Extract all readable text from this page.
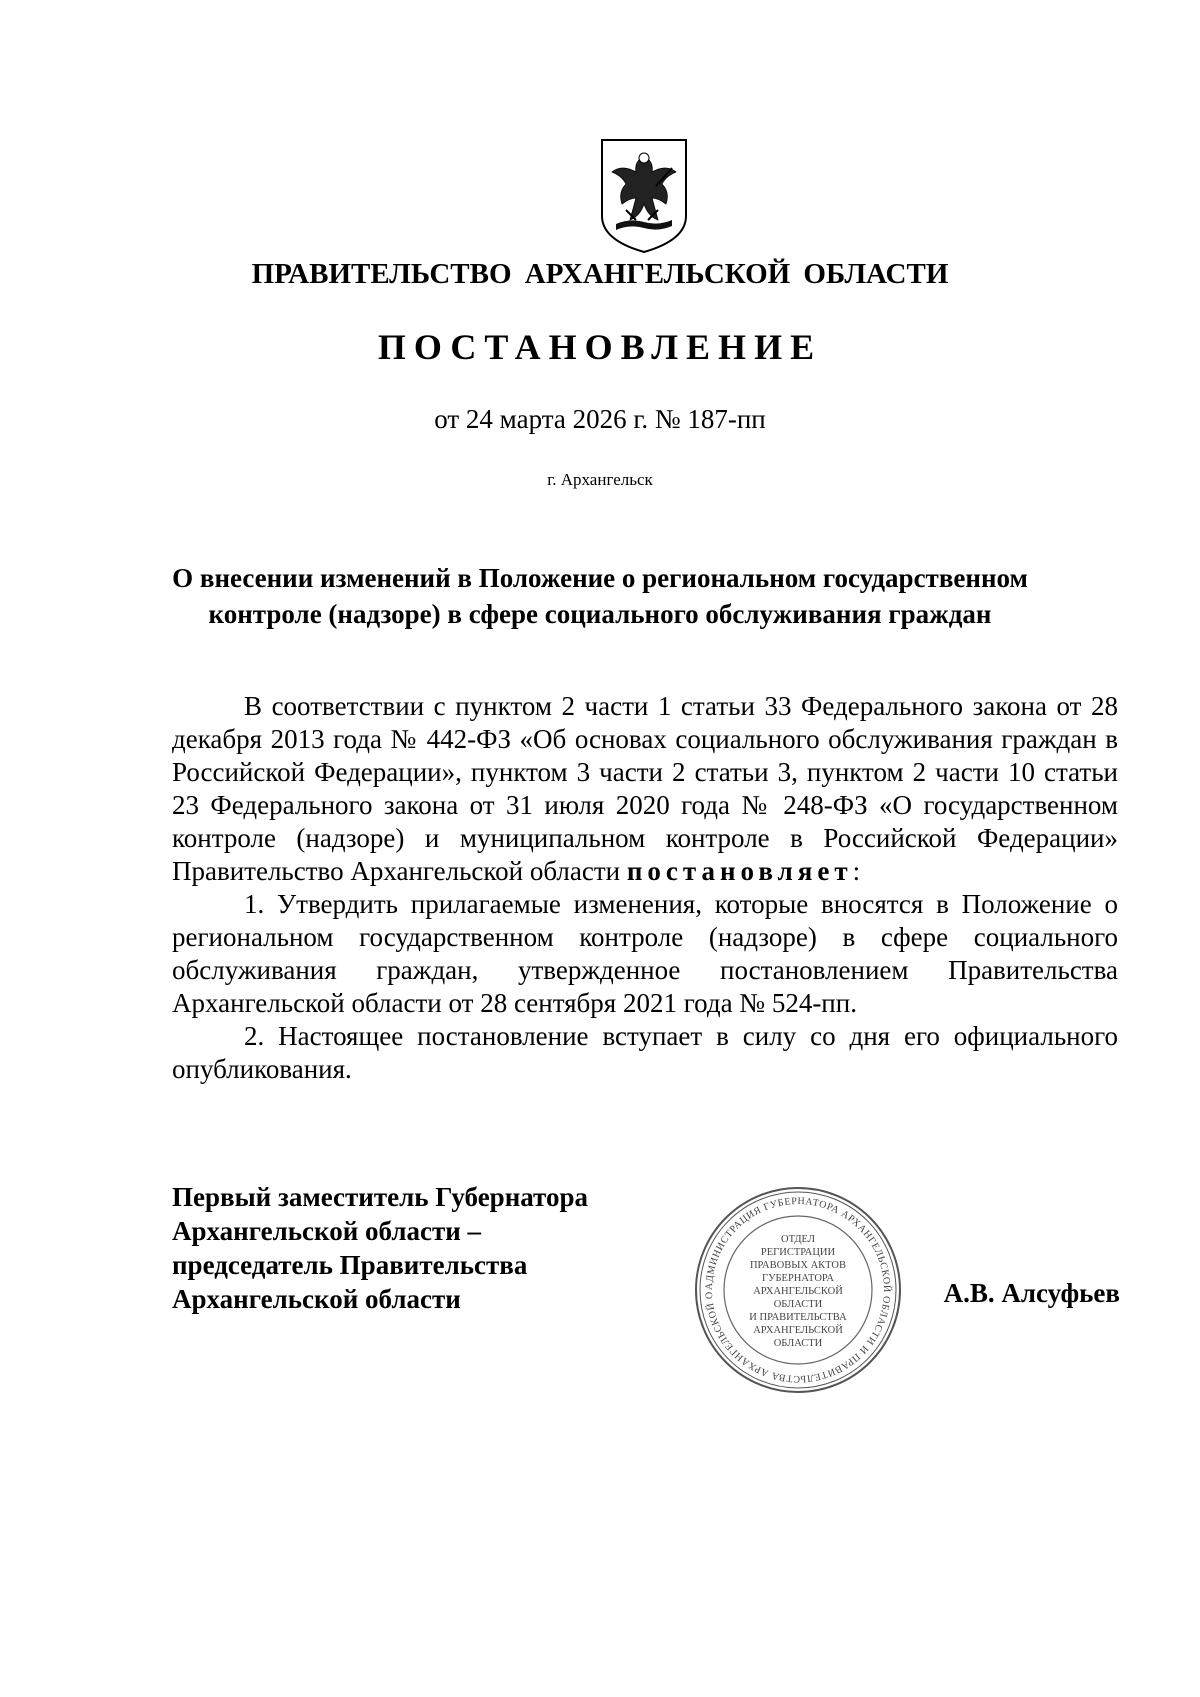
ПРАВИТЕЛЬСТВО АРХАНГЕЛЬСКОЙ ОБЛАСТИ
ПОСТАНОВЛЕНИЕ
от 24 марта 2026 г. № 187-пп
г. Архангельск
О внесении изменений в Положение о региональном государственном
контроле (надзоре) в сфере социального обслуживания граждан

В соответствии с пунктом 2 части 1 статьи 33 Федерального закона от 28 декабря 2013 года № 442-ФЗ «Об основах социального обслуживания граждан в Российской Федерации», пунктом 3 части 2 статьи 3, пунктом 2 части 10 статьи 23 Федерального закона от 31 июля 2020 года № 248-ФЗ «О государственном контроле (надзоре) и муниципальном контроле в Российской Федерации» Правительство Архангельской области постановляет:

1. Утвердить прилагаемые изменения, которые вносятся в Положение о региональном государственном контроле (надзоре) в сфере социального обслуживания граждан, утвержденное постановлением Правительства Архангельской области от 28 сентября 2021 года № 524-пп.

2. Настоящее постановление вступает в силу со дня его официального опубликования.

Первый заместитель Губернатора
Архангельской области –
председатель Правительства
Архангельской области	АДМИНИСТРАЦИЯ ГУБЕРНАТОРА АРХАНГЕЛЬСКОЙ ОБЛАСТИ И ПРАВИТЕЛЬСТВА АРХАНГЕЛЬСКОЙ О
ОТДЕЛ
РЕГИСТРАЦИИ
ПРАВОВЫХ АКТОВ
ГУБЕРНАТОРА
АРХАНГЕЛЬСКОЙ
ОБЛАСТИ
И ПРАВИТЕЛЬСТВА
АРХАНГЕЛЬСКОЙ
ОБЛАСТИ
А.В. Алсуфьев
